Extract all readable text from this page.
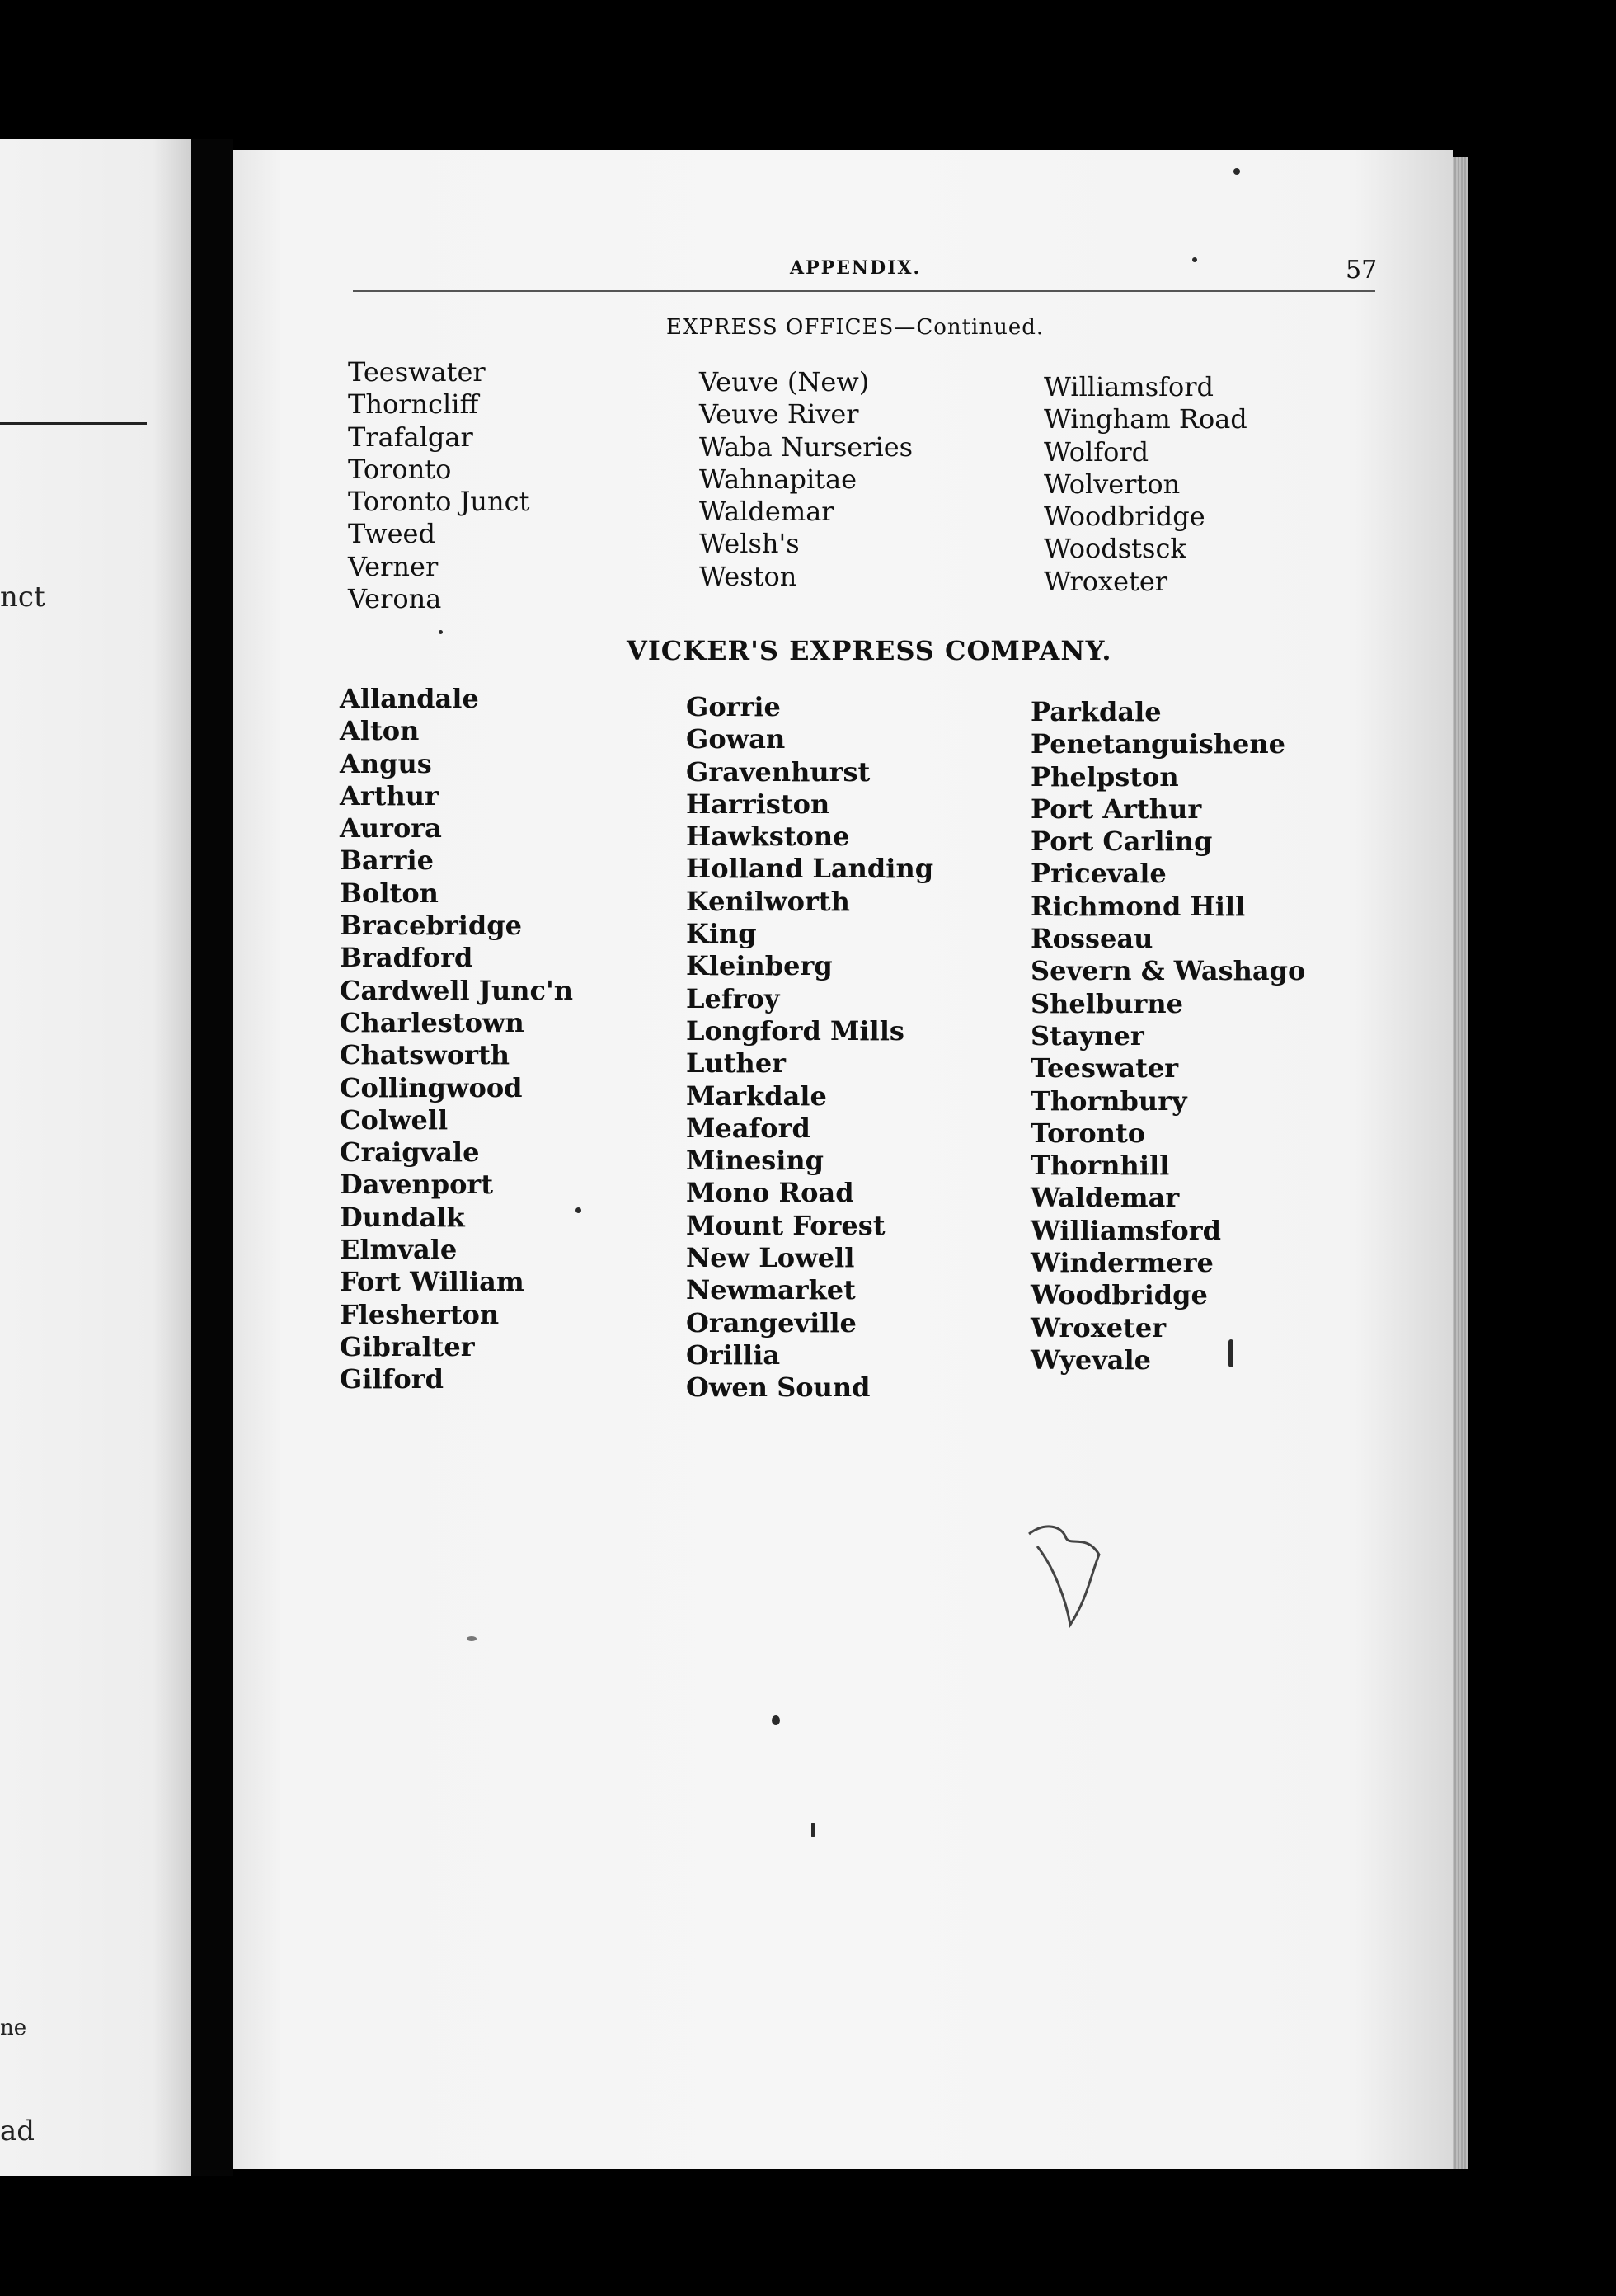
nct
ne
ad
APPENDIX.	57
EXPRESS OFFICES—Continued.
Teeswater
Thorncliff
Trafalgar
Toronto
Toronto Junct
Tweed
Verner
Verona
Veuve (New)
Veuve River
Waba Nurseries
Wahnapitae
Waldemar
Welsh's
Weston
Williamsford
Wingham Road
Wolford
Wolverton
Woodbridge
Woodstsck
Wroxeter
VICKER'S EXPRESS COMPANY.
Allandale
Alton
Angus
Arthur
Aurora
Barrie
Bolton
Bracebridge
Bradford
Cardwell Junc'n
Charlestown
Chatsworth
Collingwood
Colwell
Craigvale
Davenport
Dundalk
Elmvale
Fort William
Flesherton
Gibralter
Gilford
Gorrie
Gowan
Gravenhurst
Harriston
Hawkstone
Holland Landing
Kenilworth
King
Kleinberg
Lefroy
Longford Mills
Luther
Markdale
Meaford
Minesing
Mono Road
Mount Forest
New Lowell
Newmarket
Orangeville
Orillia
Owen Sound
Parkdale
Penetanguishene
Phelpston
Port Arthur
Port Carling
Pricevale
Richmond Hill
Rosseau
Severn & Washago
Shelburne
Stayner
Teeswater
Thornbury
Toronto
Thornhill
Waldemar
Williamsford
Windermere
Woodbridge
Wroxeter
Wyevale
